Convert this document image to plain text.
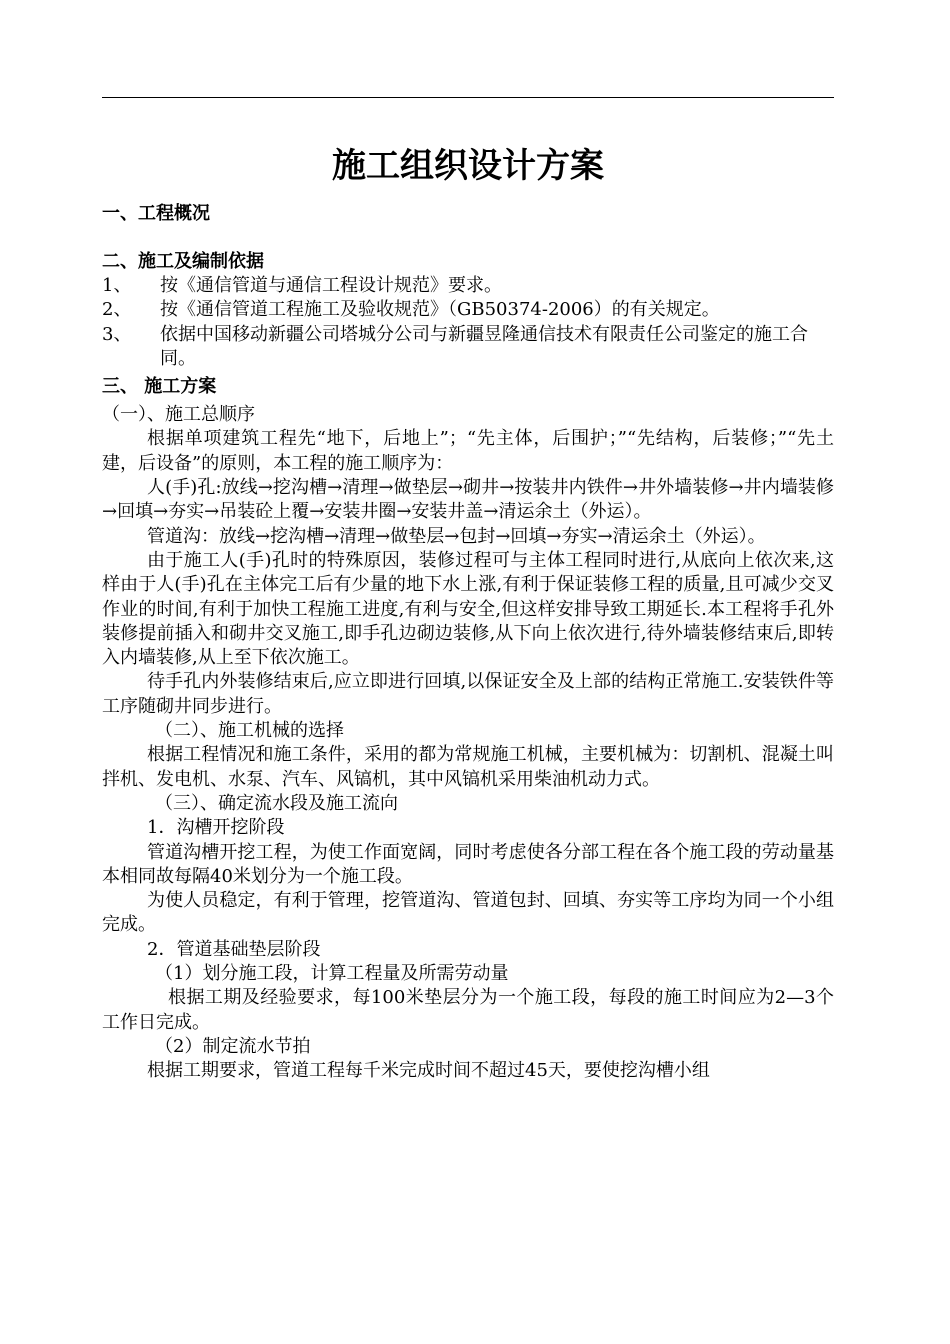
施工组织设计方案
一、工程概况
二、施工及编制依据
1、	按《通信管道与通信工程设计规范》要求。
2、	按《通信管道工程施工及验收规范》（GB50374-2006）的有关规定。
3、	依据中国移动新疆公司塔城分公司与新疆昱隆通信技术有限责任公司鉴定的施工合同。
三、 施工方案
（一）、施工总顺序
根据单项建筑工程先“地下，后地上”；“先主体，后围护；”“先结构，后装修；”“先土建，后设备”的原则，本工程的施工顺序为：
人(手)孔:放线→挖沟槽→清理→做垫层→砌井→按装井内铁件→井外墙装修→井内墙装修→回填→夯实→吊装砼上覆→安装井圈→安装井盖→清运余土（外运）。
管道沟：放线→挖沟槽→清理→做垫层→包封→回填→夯实→清运余土（外运）。
由于施工人(手)孔时的特殊原因，装修过程可与主体工程同时进行,从底向上依次来,这样由于人(手)孔在主体完工后有少量的地下水上涨,有利于保证装修工程的质量,且可减少交叉作业的时间,有利于加快工程施工进度,有利与安全,但这样安排导致工期延长.本工程将手孔外装修提前插入和砌井交叉施工,即手孔边砌边装修,从下向上依次进行,待外墙装修结束后,即转入内墙装修,从上至下依次施工。
待手孔内外装修结束后,应立即进行回填,以保证安全及上部的结构正常施工.安装铁件等工序随砌井同步进行。
（二）、施工机械的选择
根据工程情况和施工条件，采用的都为常规施工机械，主要机械为：切割机、混凝土叫拌机、发电机、水泵、汽车、风镐机，其中风镐机采用柴油机动力式。
（三）、确定流水段及施工流向
1．沟槽开挖阶段
管道沟槽开挖工程，为使工作面宽阔，同时考虑使各分部工程在各个施工段的劳动量基本相同故每隔40米划分为一个施工段。
为使人员稳定，有利于管理，挖管道沟、管道包封、回填、夯实等工序均为同一个小组完成。
2．管道基础垫层阶段
（1）划分施工段，计算工程量及所需劳动量
根据工期及经验要求，每100米垫层分为一个施工段，每段的施工时间应为2—3个工作日完成。
（2）制定流水节拍
根据工期要求，管道工程每千米完成时间不超过45天，要使挖沟槽小组
